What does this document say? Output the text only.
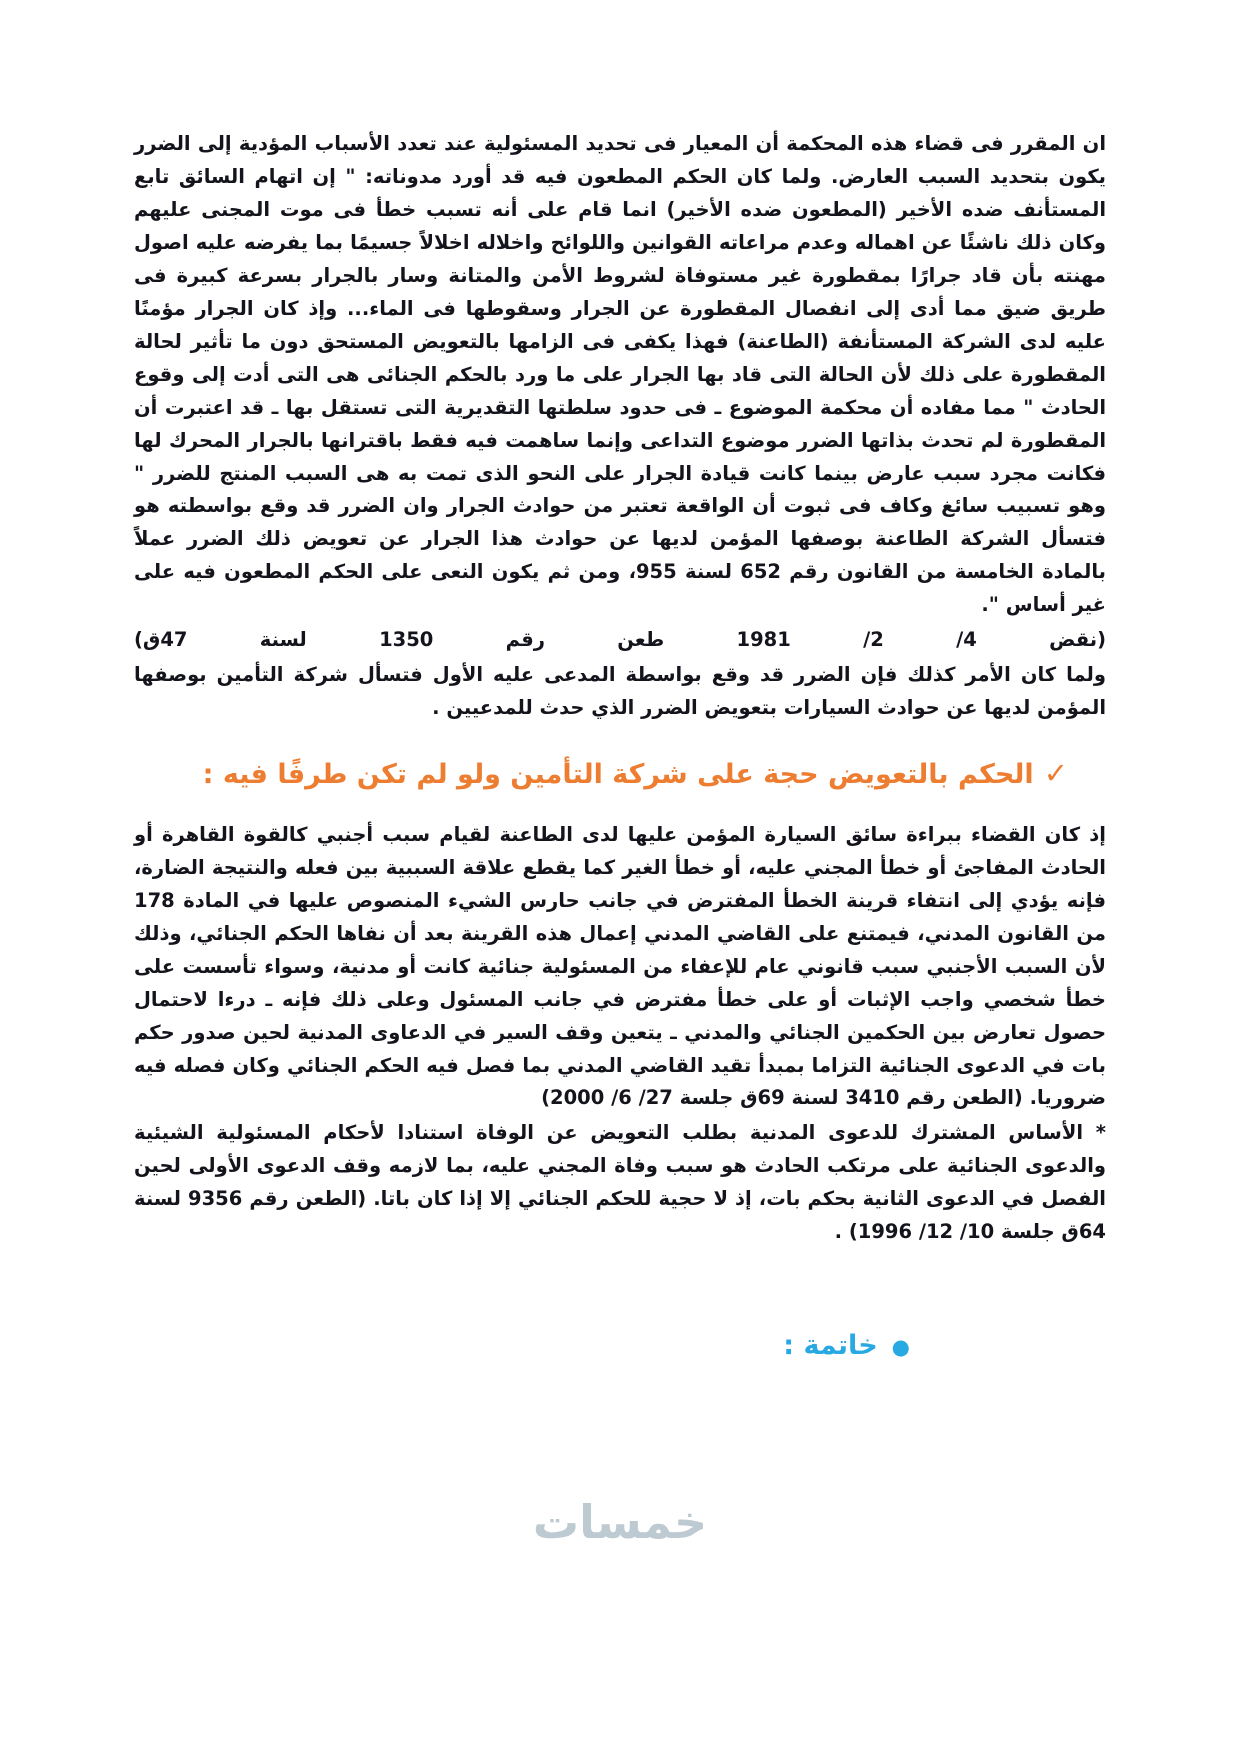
ان المقرر فى قضاء هذه المحكمة أن المعيار فى تحديد المسئولية عند تعدد الأسباب المؤدية إلى الضرر يكون بتحديد السبب العارض. ولما كان الحكم المطعون فيه قد أورد مدوناته: " إن اتهام السائق تابع المستأنف ضده الأخير (المطعون ضده الأخير) انما قام على أنه تسبب خطأ فى موت المجنى عليهم وكان ذلك ناشئًا عن اهماله وعدم مراعاته القوانين واللوائح واخلاله اخلالاً جسيمًا بما يفرضه عليه اصول مهنته بأن قاد جرارًا بمقطورة غير مستوفاة لشروط الأمن والمتانة وسار بالجرار بسرعة كبيرة فى طريق ضيق مما أدى إلى انفصال المقطورة عن الجرار وسقوطها فى الماء... وإذ كان الجرار مؤمنًا عليه لدى الشركة المستأنفة (الطاعنة) فهذا يكفى فى الزامها بالتعويض المستحق دون ما تأثير لحالة المقطورة على ذلك لأن الحالة التى قاد بها الجرار على ما ورد بالحكم الجنائى هى التى أدت إلى وقوع الحادث " مما مفاده أن محكمة الموضوع ـ فى حدود سلطتها التقديرية التى تستقل بها ـ قد اعتبرت أن المقطورة لم تحدث بذاتها الضرر موضوع التداعى وإنما ساهمت فيه فقط باقترانها بالجرار المحرك لها فكانت مجرد سبب عارض بينما كانت قيادة الجرار على النحو الذى تمت به هى السبب المنتج للضرر " وهو تسبيب سائغ وكاف فى ثبوت أن الواقعة تعتبر من حوادث الجرار وان الضرر قد وقع بواسطته هو فتسأل الشركة الطاعنة بوصفها المؤمن لديها عن حوادث هذا الجرار عن تعويض ذلك الضرر عملاً بالمادة الخامسة من القانون رقم 652 لسنة 955، ومن ثم يكون النعى على الحكم المطعون فيه على غير أساس ".

(نقض 4/ 2/ 1981 طعن رقم 1350 لسنة 47ق)

ولما كان الأمر كذلك فإن الضرر قد وقع بواسطة المدعى عليه الأول فتسأل شركة التأمين بوصفها المؤمن لديها عن حوادث السيارات بتعويض الضرر الذي حدث للمدعيين .

✓الحكم بالتعويض حجة على شركة التأمين ولو لم تكن طرفًا فيه :

إذ كان القضاء ببراءة سائق السيارة المؤمن عليها لدى الطاعنة لقيام سبب أجنبي كالقوة القاهرة أو الحادث المفاجئ أو خطأ المجني عليه، أو خطأ الغير كما يقطع علاقة السببية بين فعله والنتيجة الضارة، فإنه يؤدي إلى انتفاء قرينة الخطأ المفترض في جانب حارس الشيء المنصوص عليها في المادة 178 من القانون المدني، فيمتنع على القاضي المدني إعمال هذه القرينة بعد أن نفاها الحكم الجنائي، وذلك لأن السبب الأجنبي سبب قانوني عام للإعفاء من المسئولية جنائية كانت أو مدنية، وسواء تأسست على خطأ شخصي واجب الإثبات أو على خطأ مفترض في جانب المسئول وعلى ذلك فإنه ـ درءا لاحتمال حصول تعارض بين الحكمين الجنائي والمدني ـ يتعين وقف السير في الدعاوى المدنية لحين صدور حكم بات في الدعوى الجنائية التزاما بمبدأ تقيد القاضي المدني بما فصل فيه الحكم الجنائي وكان فصله فيه ضروريا. (الطعن رقم 3410 لسنة 69ق جلسة 27/ 6/ 2000)

* الأساس المشترك للدعوى المدنية بطلب التعويض عن الوفاة استنادا لأحكام المسئولية الشيئية والدعوى الجنائية على مرتكب الحادث هو سبب وفاة المجني عليه، بما لازمه وقف الدعوى الأولى لحين الفصل في الدعوى الثانية بحكم بات، إذ لا حجية للحكم الجنائي إلا إذا كان باتا. (الطعن رقم 9356 لسنة 64ق جلسة 10/ 12/ 1996) .

●خاتمة :
خمسات
